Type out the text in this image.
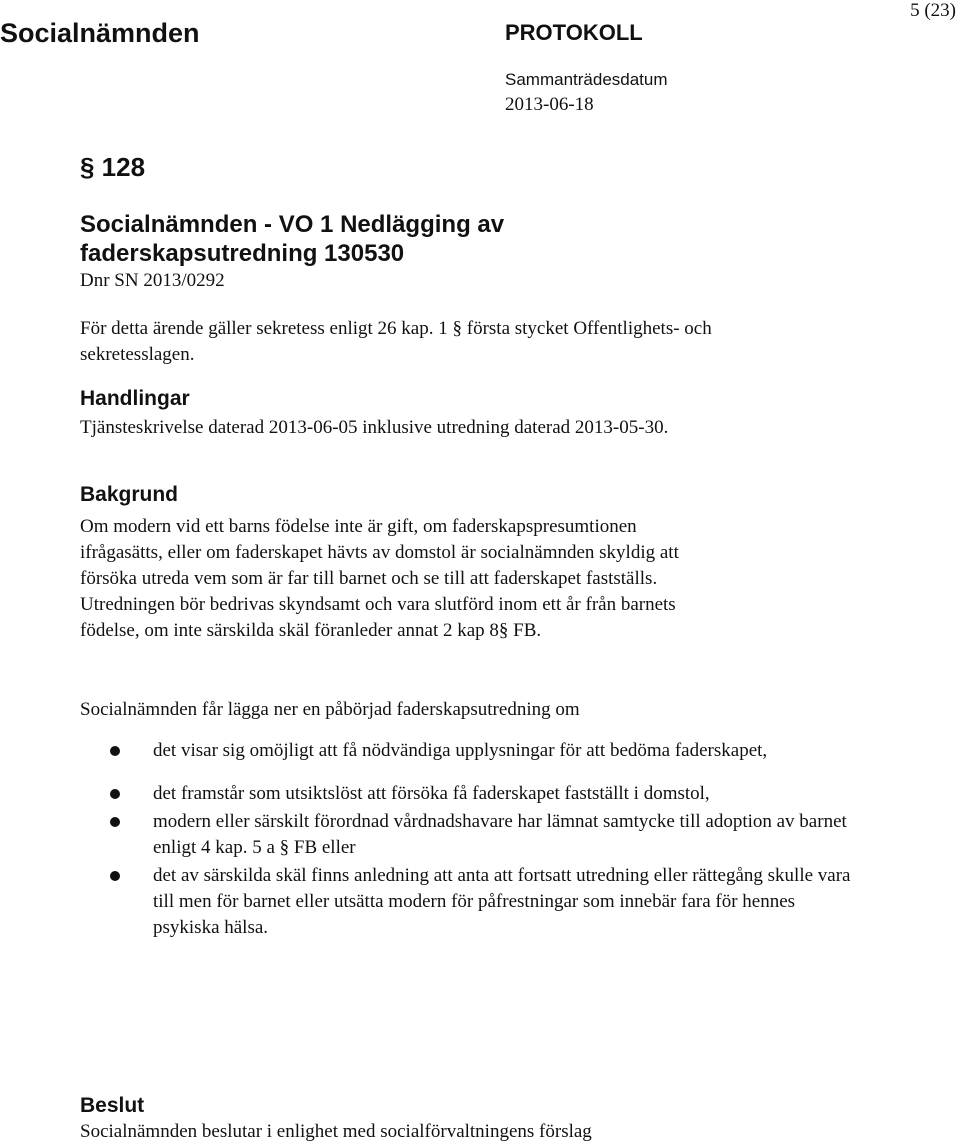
Socialnämnden	PROTOKOLL
5 (23)
Sammanträdesdatum
2013-06-18
§ 128
Socialnämnden - VO 1 Nedlägging av
faderskapsutredning 130530
Dnr SN 2013/0292
För detta ärende gäller sekretess enligt 26 kap. 1 § första stycket Offentlighets- och sekretesslagen.
Handlingar
Tjänsteskrivelse daterad 2013-06-05 inklusive utredning daterad 2013-05-30.
Bakgrund
Om modern vid ett barns födelse inte är gift, om faderskapspresumtionen ifrågasätts, eller om faderskapet hävts av domstol är socialnämnden skyldig att försöka utreda vem som är far till barnet och se till att faderskapet fastställs. Utredningen bör bedrivas skyndsamt och vara slutförd inom ett år från barnets födelse, om inte särskilda skäl föranleder annat 2 kap 8§ FB.
Socialnämnden får lägga ner en påbörjad faderskapsutredning om
det visar sig omöjligt att få nödvändiga upplysningar för att bedöma faderskapet,
det framstår som utsiktslöst att försöka få faderskapet fastställt i domstol,
modern eller särskilt förordnad vårdnadshavare har lämnat samtycke till adoption av barnet enligt 4 kap. 5 a § FB eller
det av särskilda skäl finns anledning att anta att fortsatt utredning eller rättegång skulle vara till men för barnet eller utsätta modern för påfrestningar som innebär fara för hennes psykiska hälsa.
Beslut
Socialnämnden beslutar i enlighet med socialförvaltningens förslag
